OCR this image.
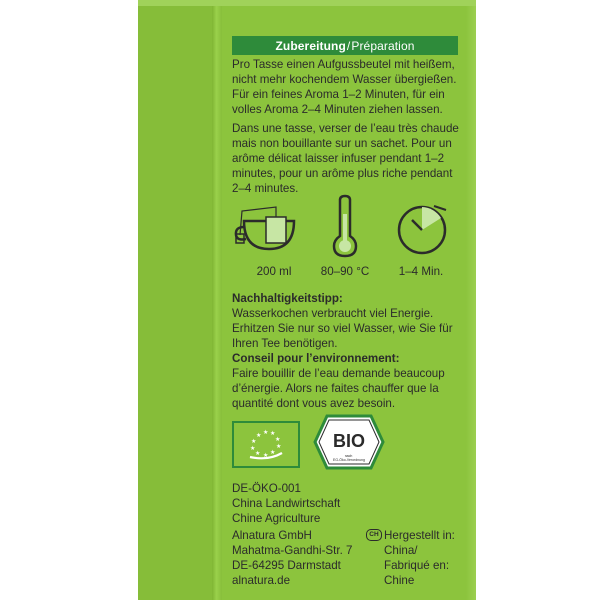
Zubereitung / Préparation
Pro Tasse einen Aufgussbeutel mit heißem,
nicht mehr kochendem Wasser übergießen.
Für ein feines Aroma 1–2 Minuten, für ein
volles Aroma 2–4 Minuten ziehen lassen.
Dans une tasse, verser de l’eau très chaude
mais non bouillante sur un sachet. Pour un
arôme délicat laisser infuser pendant 1–2
minutes, pour un arôme plus riche pendant
2–4 minutes.
200 ml	80–90 °C	1–4 Min.
Nachhaltigkeitstipp:
Wasserkochen verbraucht viel Energie.
Erhitzen Sie nur so viel Wasser, wie Sie für
Ihren Tee benötigen.
Conseil pour l’environnement:
Faire bouillir de l’eau demande beaucoup
d’énergie. Alors ne faites chauffer que la
quantité dont vous avez besoin.
★ ★ ★
★
★
★
★
★ ★
★
BIO
nach EG-Öko-Verordnung
DE-ÖKO-001
China Landwirtschaft
Chine Agriculture
Alnatura GmbH
Mahatma-Gandhi-Str. 7
DE-64295 Darmstadt
alnatura.de
CH Hergestellt in:
China/
Fabriqué en:
Chine
